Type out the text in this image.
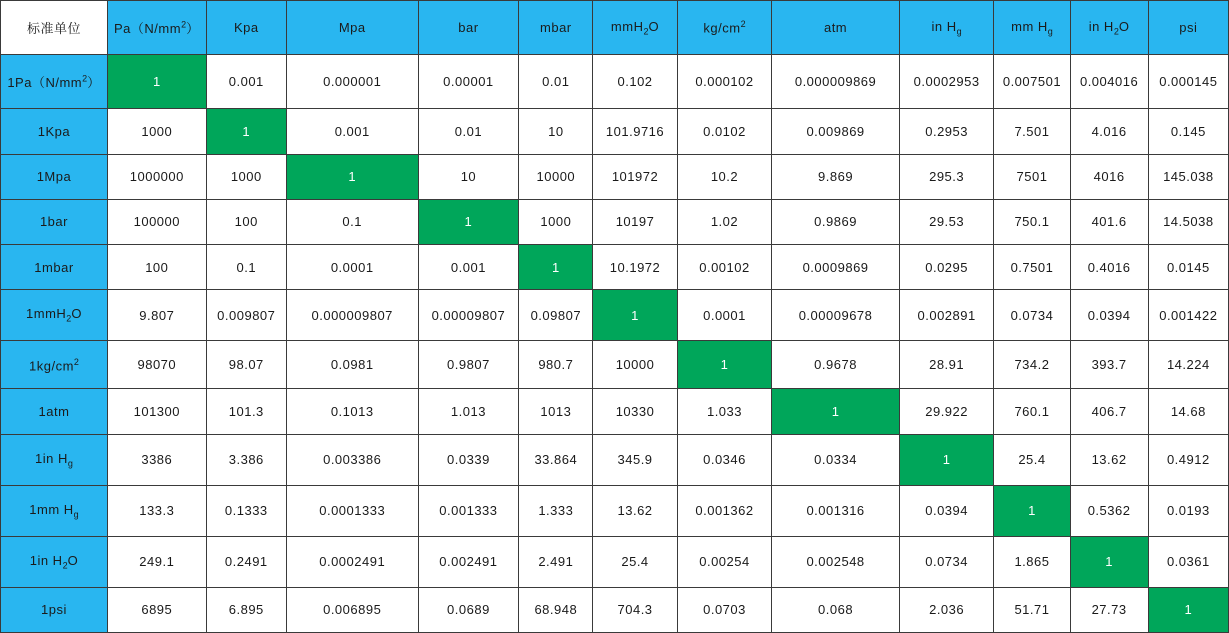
标准单位	$Pa(N/mm^2)$	Kpa	Mpa	bar	mbar	mmH$_2$O	$kg/cm^2$	atm	in $H_g$	mm $H_g$	in $H_2O$	psi
$1Pa(N/mm^2)$	1	0.001	0.000001	0.00001	0.01	0.102	0.000102	0.000009869	0.0002953	0.007501	0.004016	0.000145
1Kpa	1000	1	0.001	0.01	10	101.9716	0.0102	0.009869	0.2953	7.501	4.016	0.145
1Mpa	1000000	1000	1	10	10000	101972	10.2	9.869	295.3	7501	4016	145.038
1bar	100000	100	0.1	1	1000	10197	1.02	0.9869	29.53	750.1	401.6	14.5038
1mbar	100	0.1	0.0001	0.001	1	10.1972	0.00102	0.0009869	0.0295	0.7501	0.4016	0.0145
1mmH$_2$O	9.807	0.009807	0.000009807	0.00009807	0.09807	1	0.0001	0.00009678	0.002891	0.0734	0.0394	0.001422
$1kg/cm^2$	98070	98.07	0.0981	0.9807	980.7	10000	1	0.9678	28.91	734.2	393.7	14.224
1atm	101300	101.3	0.1013	1.013	1013	10330	1.033	1	29.922	760.1	406.7	14.68
1in $H_g$	3386	3.386	0.003386	0.0339	33.864	345.9	0.0346	0.0334	1	25.4	13.62	0.4912
1mm $H_g$	133.3	0.1333	0.0001333	0.001333	1.333	13.62	0.001362	0.001316	0.0394	1	0.5362	0.0193
1in $H_2O$	249.1	0.2491	0.0002491	0.002491	2.491	25.4	0.00254	0.002548	0.0734	1.865	1	0.0361
1psi	6895	6.895	0.006895	0.0689	68.948	704.3	0.0703	0.068	2.036	51.71	27.73	1
